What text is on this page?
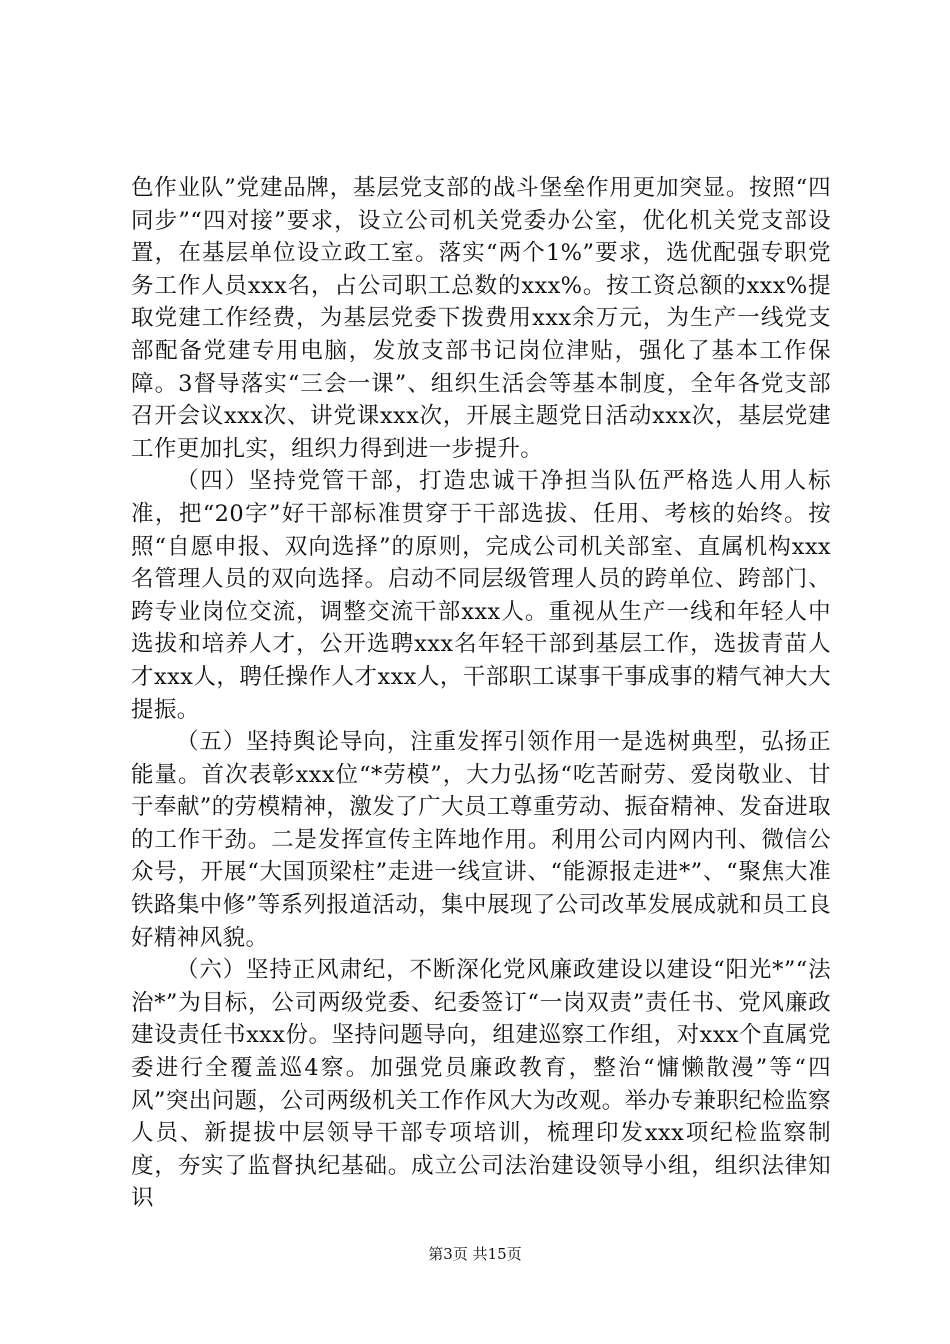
色作业队”党建品牌，基层党支部的战斗堡垒作用更加突显。按照“四同步”“四对接”要求，设立公司机关党委办公室，优化机关党支部设置，在基层单位设立政工室。落实“两个1%”要求，选优配强专职党务工作人员xxx名，占公司职工总数的xxx%。按工资总额的xxx%提取党建工作经费，为基层党委下拨费用xxx余万元，为生产一线党支部配备党建专用电脑，发放支部书记岗位津贴，强化了基本工作保障。3督导落实“三会一课”、组织生活会等基本制度，全年各党支部召开会议xxx次、讲党课xxx次，开展主题党日活动xxx次，基层党建工作更加扎实，组织力得到进一步提升。

（四）坚持党管干部，打造忠诚干净担当队伍严格选人用人标准，把“20字”好干部标准贯穿于干部选拔、任用、考核的始终。按照“自愿申报、双向选择”的原则，完成公司机关部室、直属机构xxx名管理人员的双向选择。启动不同层级管理人员的跨单位、跨部门、跨专业岗位交流，调整交流干部xxx人。重视从生产一线和年轻人中选拔和培养人才，公开选聘xxx名年轻干部到基层工作，选拔青苗人才xxx人，聘任操作人才xxx人，干部职工谋事干事成事的精气神大大提振。

（五）坚持舆论导向，注重发挥引领作用一是选树典型，弘扬正能量。首次表彰xxx位“*劳模”，大力弘扬“吃苦耐劳、爱岗敬业、甘于奉献”的劳模精神，激发了广大员工尊重劳动、振奋精神、发奋进取的工作干劲。二是发挥宣传主阵地作用。利用公司内网内刊、微信公众号，开展“大国顶梁柱”走进一线宣讲、“能源报走进*”、“聚焦大准铁路集中修”等系列报道活动，集中展现了公司改革发展成就和员工良好精神风貌。

（六）坚持正风肃纪，不断深化党风廉政建设以建设“阳光*”“法治*”为目标，公司两级党委、纪委签订“一岗双责”责任书、党风廉政建设责任书xxx份。坚持问题导向，组建巡察工作组，对xxx个直属党委进行全覆盖巡4察。加强党员廉政教育，整治“慵懒散漫”等“四风”突出问题，公司两级机关工作作风大为改观。举办专兼职纪检监察人员、新提拔中层领导干部专项培训，梳理印发xxx项纪检监察制度，夯实了监督执纪基础。成立公司法治建设领导小组，组织法律知识

第3页 共15页
